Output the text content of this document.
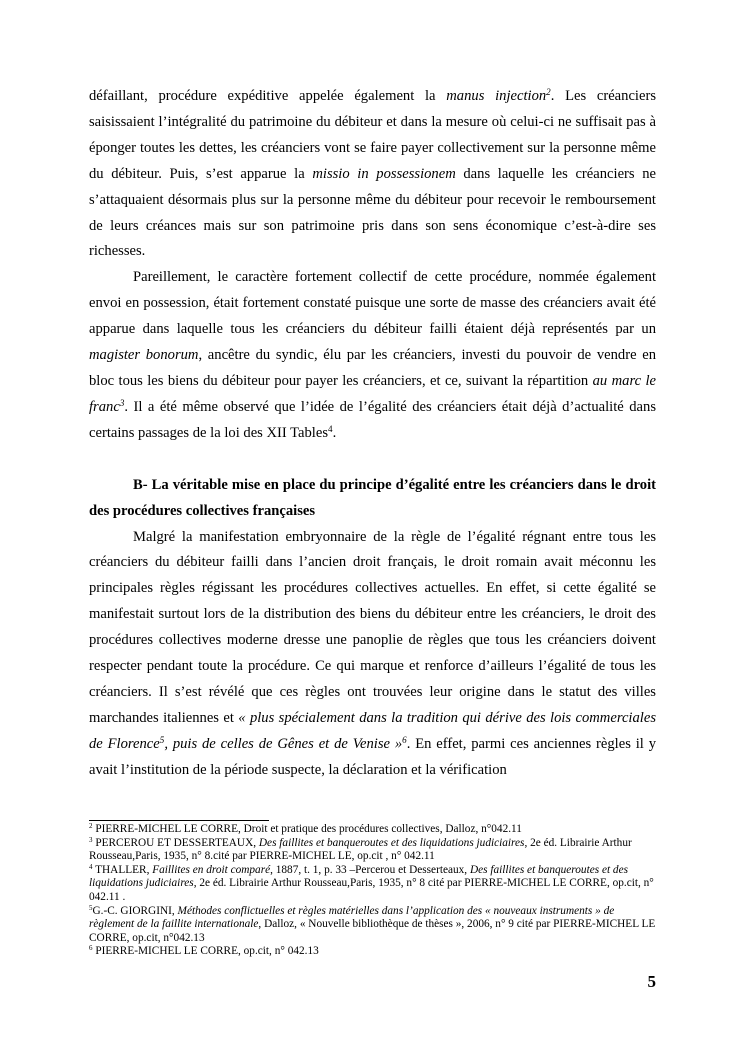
défaillant, procédure expéditive appelée également la manus injection$^2$. Les créanciers saisissaient l’intégralité du patrimoine du débiteur et dans la mesure où celui-ci ne suffisait pas à éponger toutes les dettes, les créanciers vont se faire payer collectivement sur la personne même du débiteur. Puis, s’est apparue la missio in possessionem dans laquelle les créanciers ne s’attaquaient désormais plus sur la personne même du débiteur pour recevoir le remboursement de leurs créances mais sur son patrimoine pris dans son sens économique c’est-à-dire ses richesses.

Pareillement, le caractère fortement collectif de cette procédure, nommée également envoi en possession, était fortement constaté puisque une sorte de masse des créanciers avait été apparue dans laquelle tous les créanciers du débiteur failli étaient déjà représentés par un magister bonorum, ancêtre du syndic, élu par les créanciers, investi du pouvoir de vendre en bloc tous les biens du débiteur pour payer les créanciers, et ce, suivant la répartition au marc le franc$^3$. Il a été même observé que l’idée de l’égalité des créanciers était déjà d’actualité dans certains passages de la loi des XII Tables$^4$.

B- La véritable mise en place du principe d’égalité entre les créanciers dans le droit des procédures collectives françaises

Malgré la manifestation embryonnaire de la règle de l’égalité régnant entre tous les créanciers du débiteur failli dans l’ancien droit français, le droit romain avait méconnu les principales règles régissant les procédures collectives actuelles. En effet, si cette égalité se manifestait surtout lors de la distribution des biens du débiteur entre les créanciers, le droit des procédures collectives moderne dresse une panoplie de règles que tous les créanciers doivent respecter pendant toute la procédure. Ce qui marque et renforce d’ailleurs l’égalité de tous les créanciers. Il s’est révélé que ces règles ont trouvées leur origine dans le statut des villes marchandes italiennes et « plus spécialement dans la tradition qui dérive des lois commerciales de Florence$^5$, puis de celles de Gênes et de Venise »$^6$. En effet, parmi ces anciennes règles il y avait l’institution de la période suspecte, la déclaration et la vérification

$^2$ PIERRE-MICHEL LE CORRE, Droit et pratique des procédures collectives, Dalloz, n°042.11

$^3$ PERCEROU ET DESSERTEAUX, Des faillites et banqueroutes et des liquidations judiciaires, 2e éd. Librairie Arthur Rousseau,Paris, 1935, n° 8.cité par PIERRE-MICHEL LE, op.cit , n° 042.11

$^4$ THALLER, Faillites en droit comparé, 1887, t. 1, p. 33 –Percerou et Desserteaux, Des faillites et banqueroutes et des liquidations judiciaires, 2e éd. Librairie Arthur Rousseau,Paris, 1935, n° 8 cité par PIERRE-MICHEL LE CORRE, op.cit, n° 042.11 .

$^5$G.-C. GIORGINI, Méthodes conflictuelles et règles matérielles dans l’application des « nouveaux instruments » de règlement de la faillite internationale, Dalloz, « Nouvelle bibliothèque de thèses », 2006, n° 9 cité par PIERRE-MICHEL LE CORRE, op.cit, n°042.13

$^6$ PIERRE-MICHEL LE CORRE, op.cit, n° 042.13

5
